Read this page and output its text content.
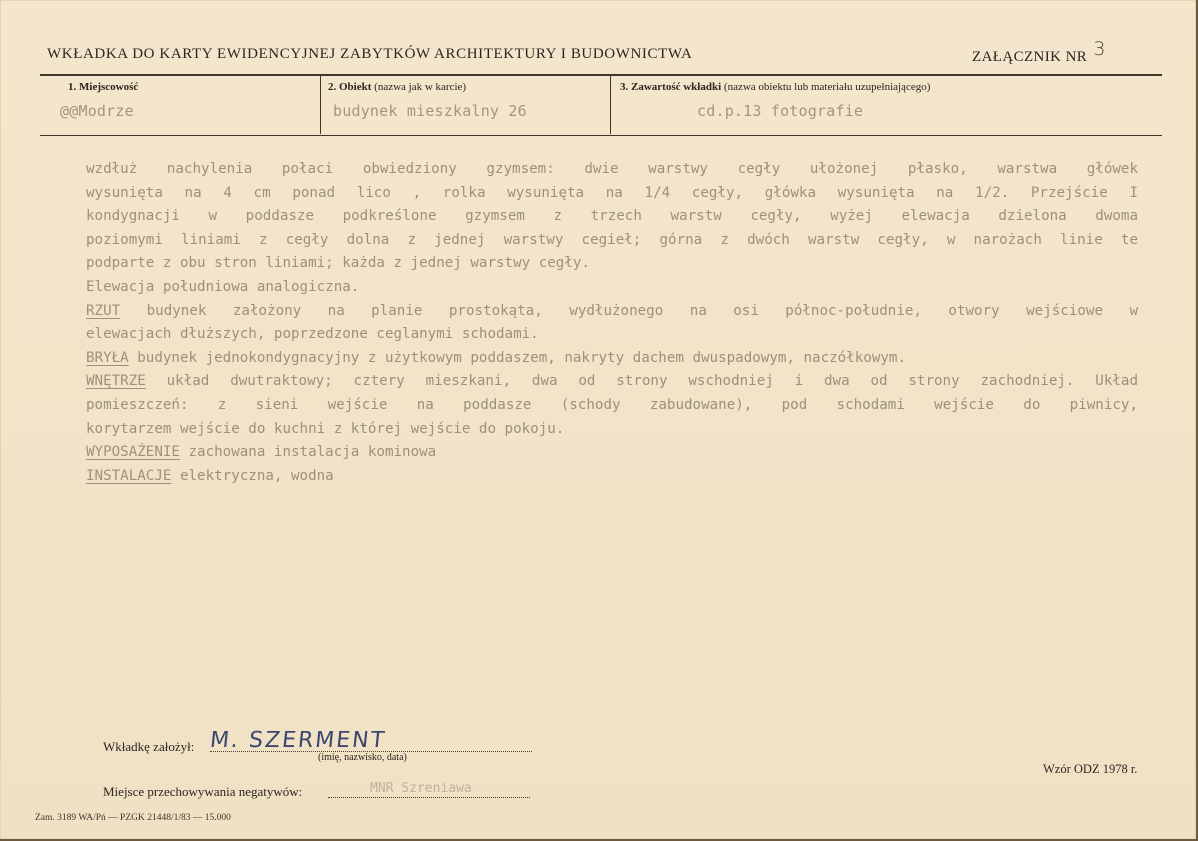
WKŁADKA DO KARTY EWIDENCYJNEJ ZABYTKÓW ARCHITEKTURY I BUDOWNICTWA	ZAŁĄCZNIK NR 3
1. Miejscowość
@@Modrze
2. Obiekt (nazwa jak w karcie)
budynek mieszkalny 26
3. Zawartość wkładki (nazwa obiektu lub materiału uzupełniającego)
cd.p.13 fotografie
wzdłuż nachylenia połaci obwiedziony gzymsem: dwie warstwy cegły ułożonej płasko, warstwa główek
wysunięta na 4 cm ponad lico , rolka wysunięta na 1/4 cegły, główka wysunięta na 1/2. Przejście I
kondygnacji w poddasze podkreślone gzymsem z trzech warstw cegły, wyżej elewacja dzielona dwoma
poziomymi liniami z cegły dolna z jednej warstwy cegieł; górna z dwóch warstw cegły, w narożach linie te
podparte z obu stron liniami; każda z jednej warstwy cegły.
Elewacja południowa analogiczna.
RZUT budynek założony na planie prostokąta, wydłużonego na osi północ-południe, otwory wejściowe w
elewacjach dłuższych, poprzedzone ceglanymi schodami.
BRYŁA budynek jednokondygnacyjny z użytkowym poddaszem, nakryty dachem dwuspadowym, naczółkowym.
WNĘTRZE układ dwutraktowy; cztery mieszkani, dwa od strony wschodniej i dwa od strony zachodniej. Układ
pomieszczeń: z sieni wejście na poddasze (schody zabudowane), pod schodami wejście do piwnicy,
korytarzem wejście do kuchni z której wejście do pokoju.
WYPOSAŻENIE zachowana instalacja kominowa
INSTALACJE elektryczna, wodna
Wkładkę założył: M. SZERMENT
(imię, nazwisko, data)
Miejsce przechowywania negatywów:	MNR Szreniawa
Wzór ODZ 1978 r.
Zam. 3189 WA/Pń — PZGK 21448/1/83 — 15.000
